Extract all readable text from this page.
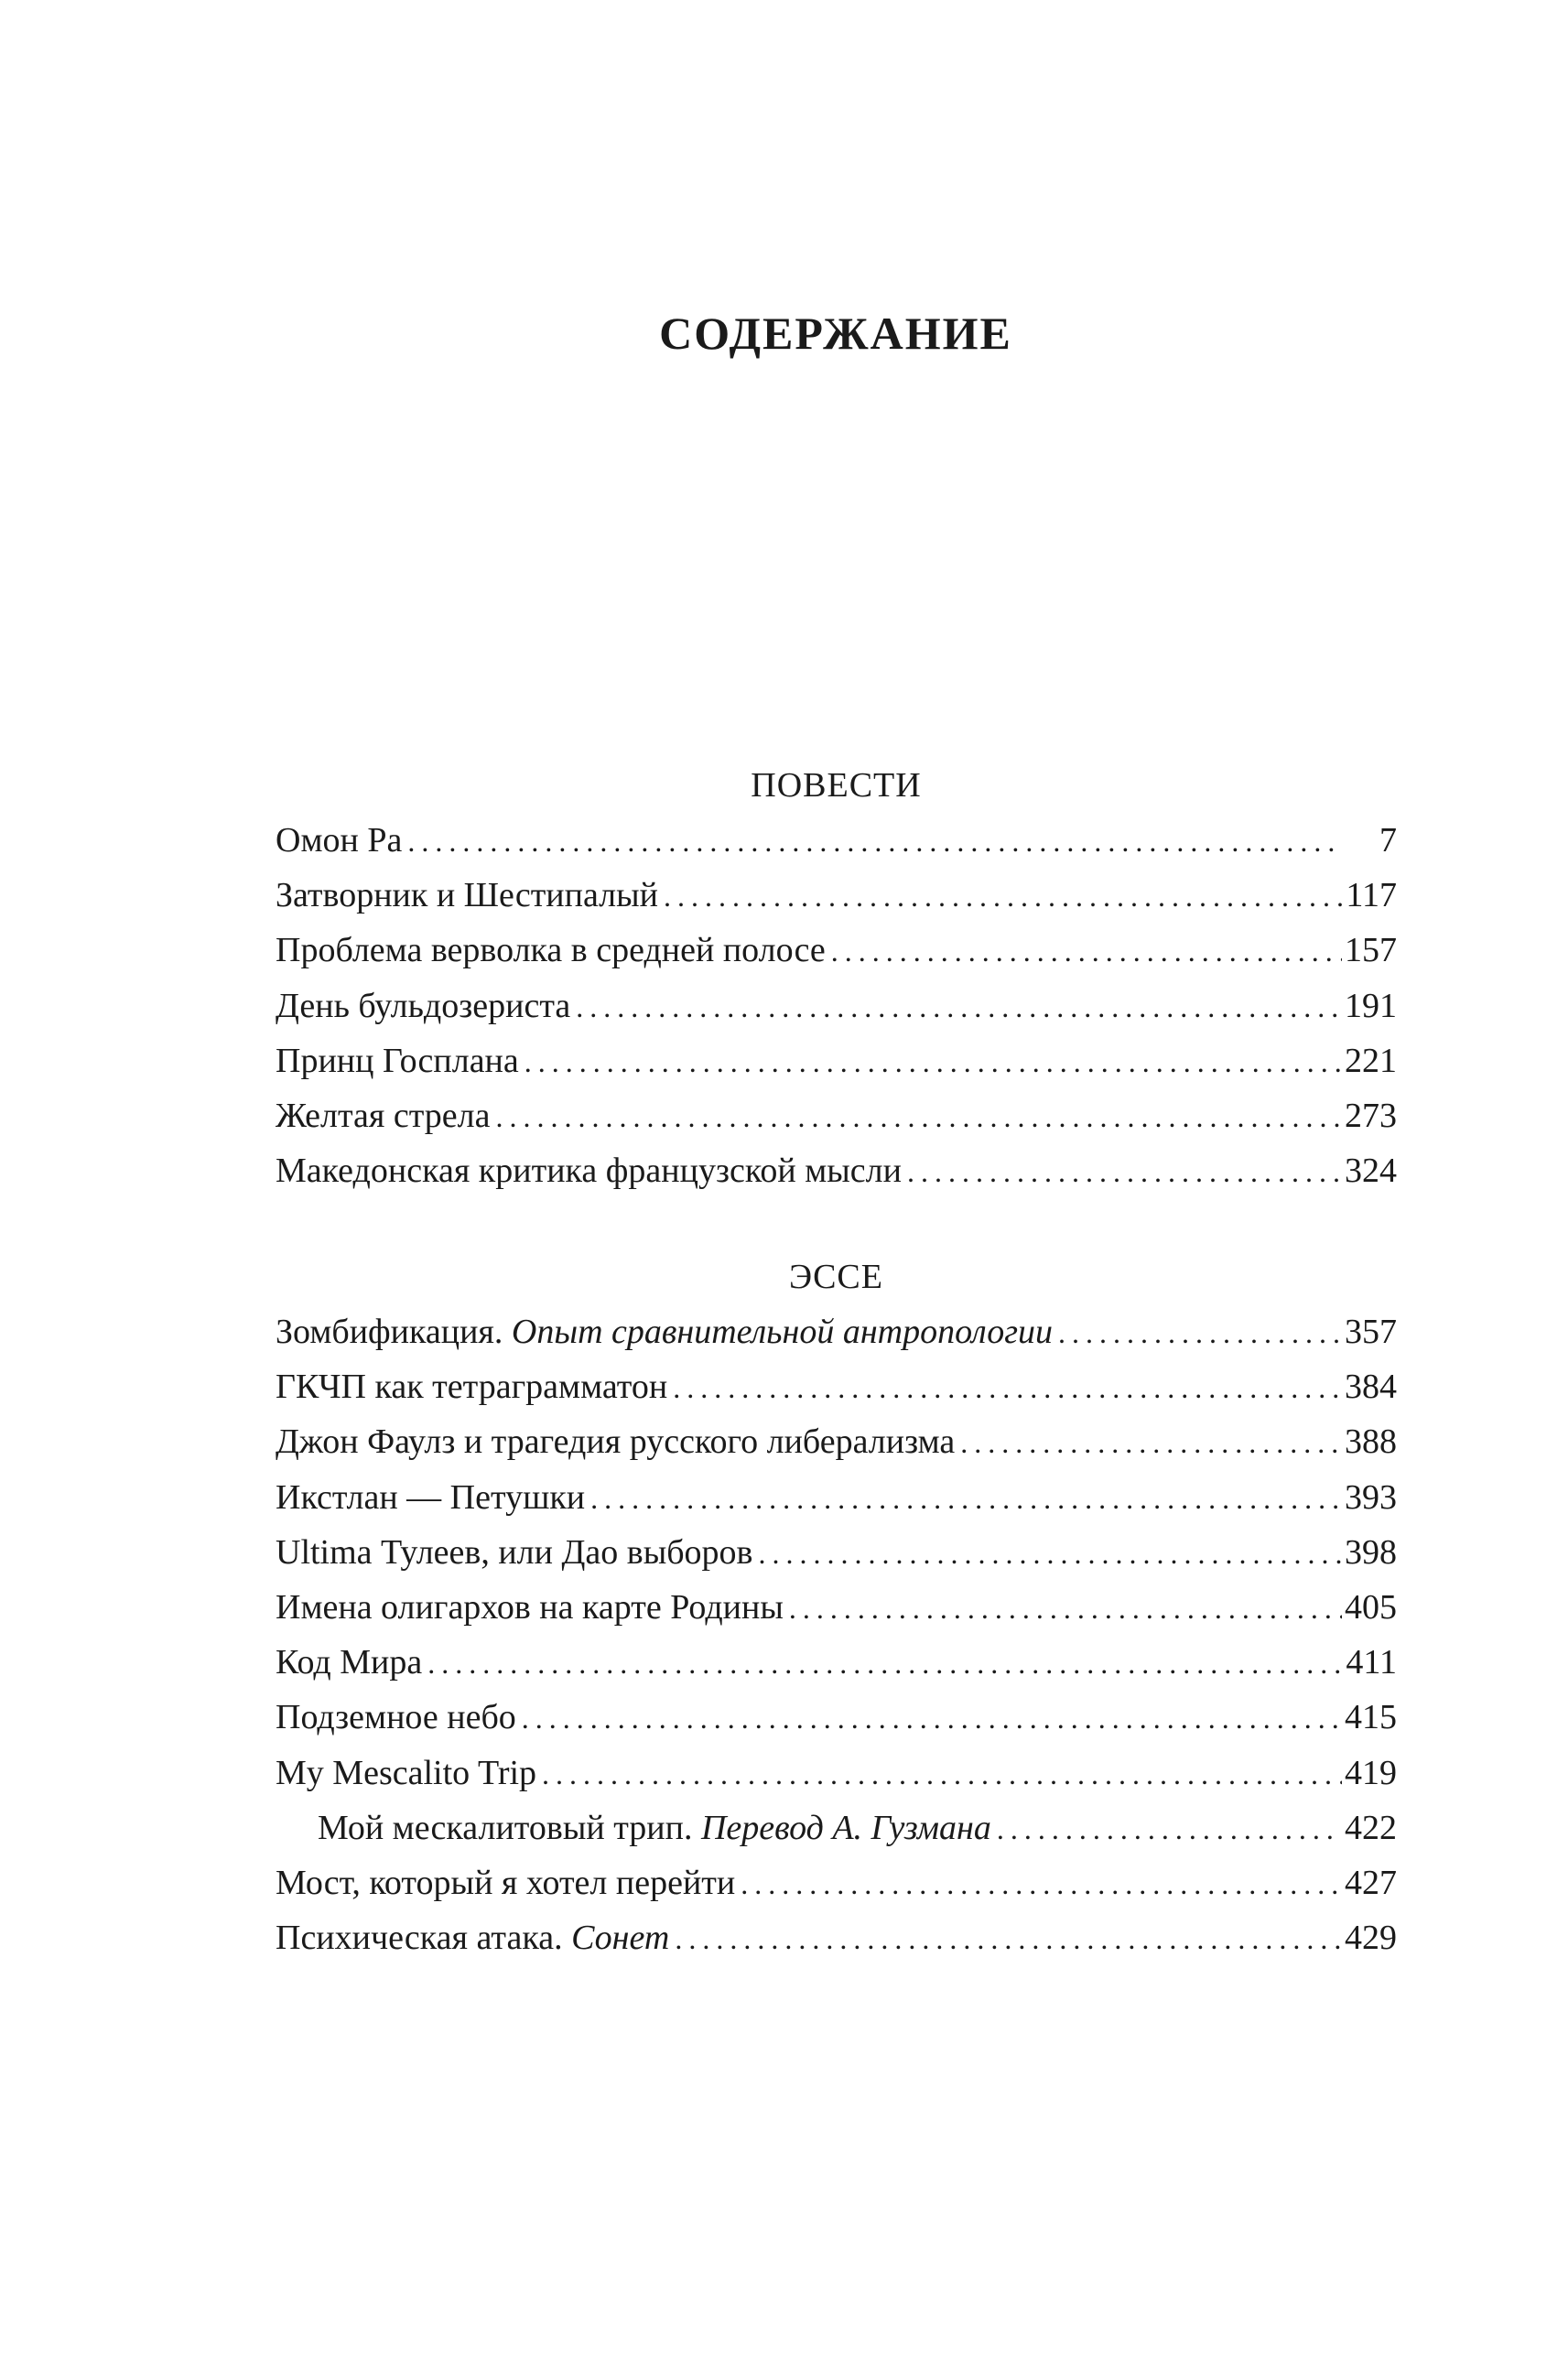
СОДЕРЖАНИЕ
ПОВЕСТИ
Омон Ра . . .	7
Затворник и Шестипалый . . .	117
Проблема верволка в средней полосе . . .	157
День бульдозериста . . .	191
Принц Госплана . . .	221
Желтая стрела . . .	273
Македонская критика французской мысли . . .	324
ЭССЕ
Зомбификация. Опыт сравнительной антропологии . . .	357
ГКЧП как тетраграмматон . . .	384
Джон Фаулз и трагедия русского либерализма . . .	388
Икстлан — Петушки . . .	393
Ultima Тулеев, или Дао выборов . . .	398
Имена олигархов на карте Родины . . .	405
Код Мира . . .	411
Подземное небо . . .	415
My Mescalito Trip . . .	419
Мой мескалитовый трип. Перевод А. Гузмана . . .	422
Мост, который я хотел перейти . . .	427
Психическая атака. Сонет . . .	429
